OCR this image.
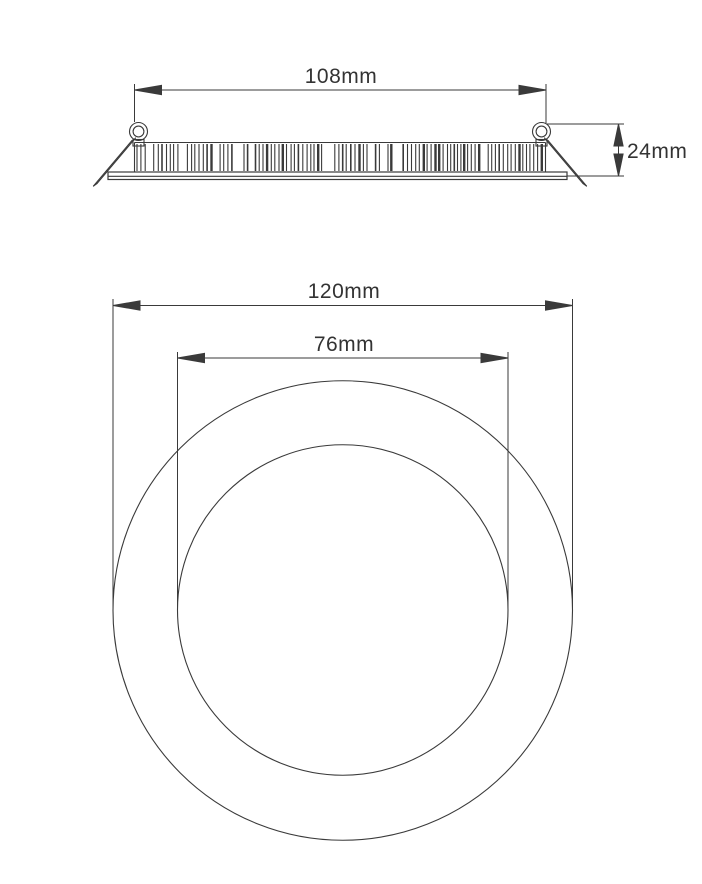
108mm
24mm
120mm
76mm
